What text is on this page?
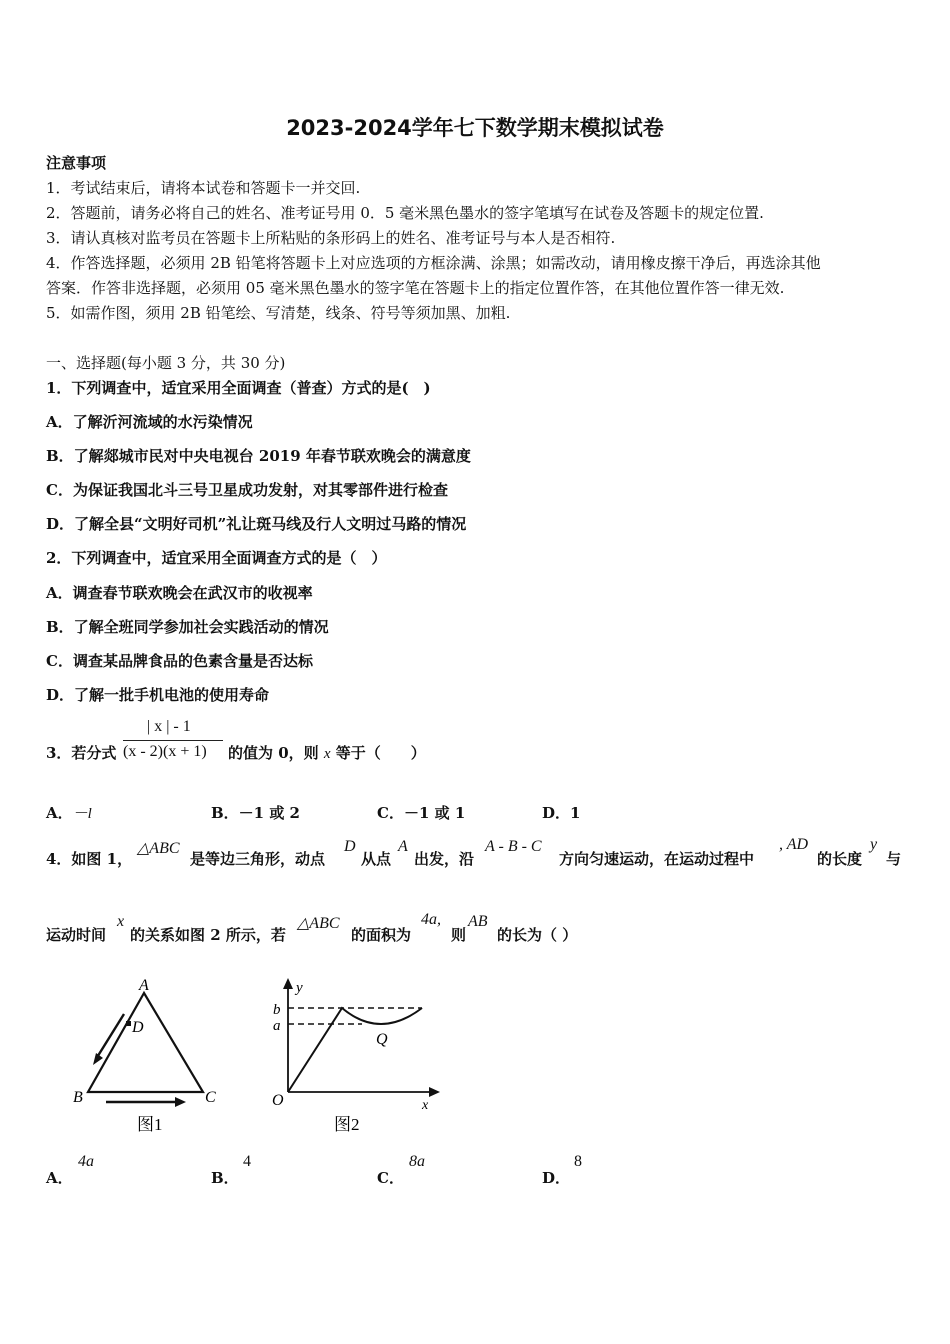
2023-2024学年七下数学期末模拟试卷
注意事项
1．考试结束后，请将本试卷和答题卡一并交回.
2．答题前，请务必将自己的姓名、准考证号用 0．5 毫米黑色墨水的签字笔填写在试卷及答题卡的规定位置.
3．请认真核对监考员在答题卡上所粘贴的条形码上的姓名、准考证号与本人是否相符.
4．作答选择题，必须用 2B 铅笔将答题卡上对应选项的方框涂满、涂黑；如需改动，请用橡皮擦干净后，再选涂其他
答案．作答非选择题，必须用 05 毫米黑色墨水的签字笔在答题卡上的指定位置作答，在其他位置作答一律无效.
5．如需作图，须用 2B 铅笔绘、写清楚，线条、符号等须加黑、加粗.
一、选择题(每小题 3 分，共 30 分)
1．下列调查中，适宜采用全面调查（普查）方式的是(　)
A．了解沂河流域的水污染情况
B．了解郯城市民对中央电视台 2019 年春节联欢晚会的满意度
C．为保证我国北斗三号卫星成功发射，对其零部件进行检查
D．了解全县“文明好司机”礼让斑马线及行人文明过马路的情况
2．下列调查中，适宜采用全面调查方式的是（　）
A．调查春节联欢晚会在武汉市的收视率
B．了解全班同学参加社会实践活动的情况
C．调查某品牌食品的色素含量是否达标
D．了解一批手机电池的使用寿命
3．若分式
| x | - 1
(x - 2)(x + 1) 的值为 0，则 x 等于（　　）
A．－l	B．－1 或 2	C．－1 或 1	D．1
4．如图 1，
△ABC
是等边三角形，动点
D
从点
A
出发，沿
A - B - C
方向匀速运动，在运动过程中
, AD
的长度
y
与
运动时间
x
的关系如图 2 所示，若
△ABC
的面积为
4a,
则
AB
的长为（ ）
A
D
B	C
图1
y
b
a
O
Q
x
图2
A．
4a
B．
4
C．
8a
D．
8
